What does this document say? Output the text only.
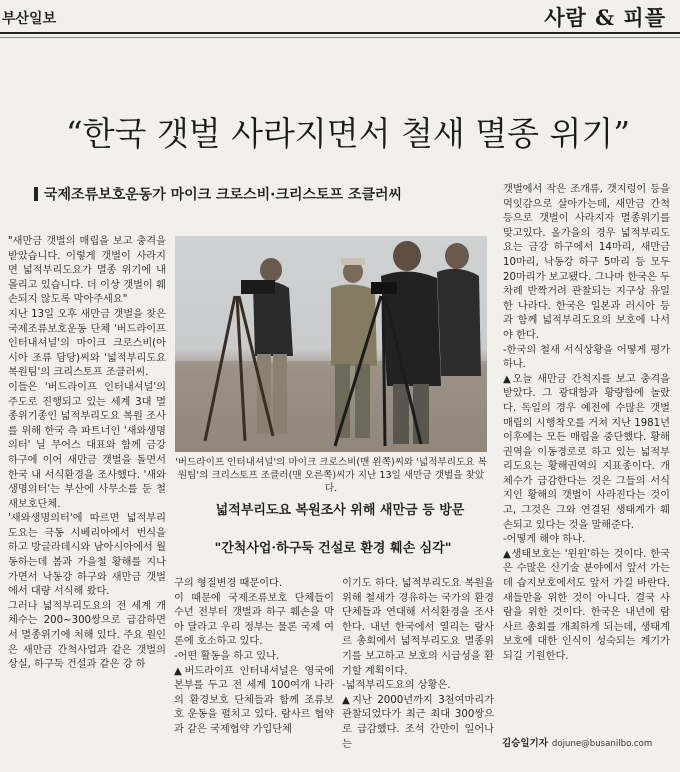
부산일보	사람 & 피플
“한국 갯벌 사라지면서 철새 멸종 위기”
국제조류보호운동가 마이크 크로스비·크리스토프 조클러씨

"새만금 갯벌의 매립을 보고 충격을 받았습니다. 이렇게 갯벌이 사라지면 넓적부리도요가 멸종 위기에 내몰리고 있습니다. 더 이상 갯벌이 훼손되지 않도록 막아주세요"

지난 13일 오후 새만금 갯벌을 찾은 국제조류보호운동 단체 '버드라이프 인터내셔널'의 마이크 크로스비(아시아 조류 담당)씨와 '넓적부리도요 복원팀'의 크리스토프 조클러씨.

이들은 '버드라이프 인터내셔널'의 주도로 진행되고 있는 세계 3대 멸종위기종인 넓적부리도요 복원 조사를 위해 한국 측 파트너인 '새와생명의터' 닐 무어스 대표와 함께 금강 하구에 이어 새만금 갯벌을 돌면서 한국 내 서식환경을 조사했다. '새와생명의터'는 부산에 사무소를 둔 철새보호단체.

'새와생명의터'에 따르면 넓적부리도요는 극동 시베리아에서 번식을 하고 방글라데시와 남아시아에서 월동하는데 봄과 가을철 황해를 지나가면서 낙동강 하구와 새만금 갯벌에서 대량 서식해 왔다.

그러나 넓적부리도요의 전 세계 개체수는 200~300쌍으로 급감하면서 멸종위기에 처해 있다. 주요 원인은 새만금 간척사업과 같은 갯벌의 상실, 하구둑 건설과 같은 강 하

'버드라이프 인터내셔널'의 마이크 크로스비(맨 왼쪽)씨와 '넓적부리도요 복원팀'의 크리스토프 조클러(맨 오른쪽)씨가 지난 13일 새만금 갯벌을 찾았다.
넓적부리도요 복원조사 위해 새만금 등 방문
"간척사업·하구둑 건설로 환경 훼손 심각"

구의 형질변경 때문이다.

이 때문에 국제조류보호 단체들이 수년 전부터 갯벌과 하구 훼손을 막아 달라고 우리 정부는 물론 국제 여론에 호소하고 있다.

-어떤 활동을 하고 있나.

▲버드라이프 인터내셔널은 영국에 본부를 두고 전 세계 100여개 나라의 환경보호 단체들과 함께 조류보호 운동을 펼치고 있다. 람사르 협약과 같은 국제협약 가입단체

이기도 하다. 넓적부리도요 복원을 위해 철새가 경유하는 국가의 환경단체들과 연대해 서식환경을 조사한다. 내년 한국에서 열리는 람사르 총회에서 넓적부리도요 멸종위기를 보고하고 보호의 시급성을 환기할 계획이다.

-넓적부리도요의 상황은.

▲지난 2000년까지 3천여마리가 관찰되었다가 최근 최대 300쌍으로 급감했다. 조석 간만이 일어나는

갯벌에서 작은 조개류, 갯지렁이 등을 먹잇감으로 살아가는데, 새만금 간척 등으로 갯벌이 사라지자 멸종위기를 맞고있다. 올가을의 경우 넓적부리도요는 금강 하구에서 14마리, 새만금 10마리, 낙동강 하구 5마리 등 모두 20마리가 보고됐다. 그나마 한국은 두 차례 반짝거려 관찰되는 지구상 유일한 나라다. 한국은 일본과 러시아 등과 함께 넓적부리도요의 보호에 나서야 한다.

-한국의 철새 서식상황을 어떻게 평가하나.

▲오늘 새만금 간척지를 보고 충격을 받았다. 그 광대함과 황량함에 놀랐다. 독일의 경우 예전에 수많은 갯벌 매립의 시행착오를 거쳐 지난 1981년 이후에는 모든 매립을 중단했다. 황해권역을 이동경로로 하고 있는 넓적부리도요는 황해권역의 지표종이다. 개체수가 급감한다는 것은 그들의 서식지인 황해의 갯벌이 사라진다는 것이고, 그것은 그와 연결된 생태계가 훼손되고 있다는 것을 말해준다.

-어떻게 해야 하나.

▲생태보호는 '윈윈'하는 것이다. 한국은 수많은 신기술 분야에서 앞서 가는데 습지보호에서도 앞서 가길 바란다. 새들만을 위한 것이 아니다. 결국 사람을 위한 것이다. 한국은 내년에 람사르 총회를 개최하게 되는데, 생태계 보호에 대한 인식이 성숙되는 계기가 되길 기원한다.

김승일기자 dojune@busanilbo.com
